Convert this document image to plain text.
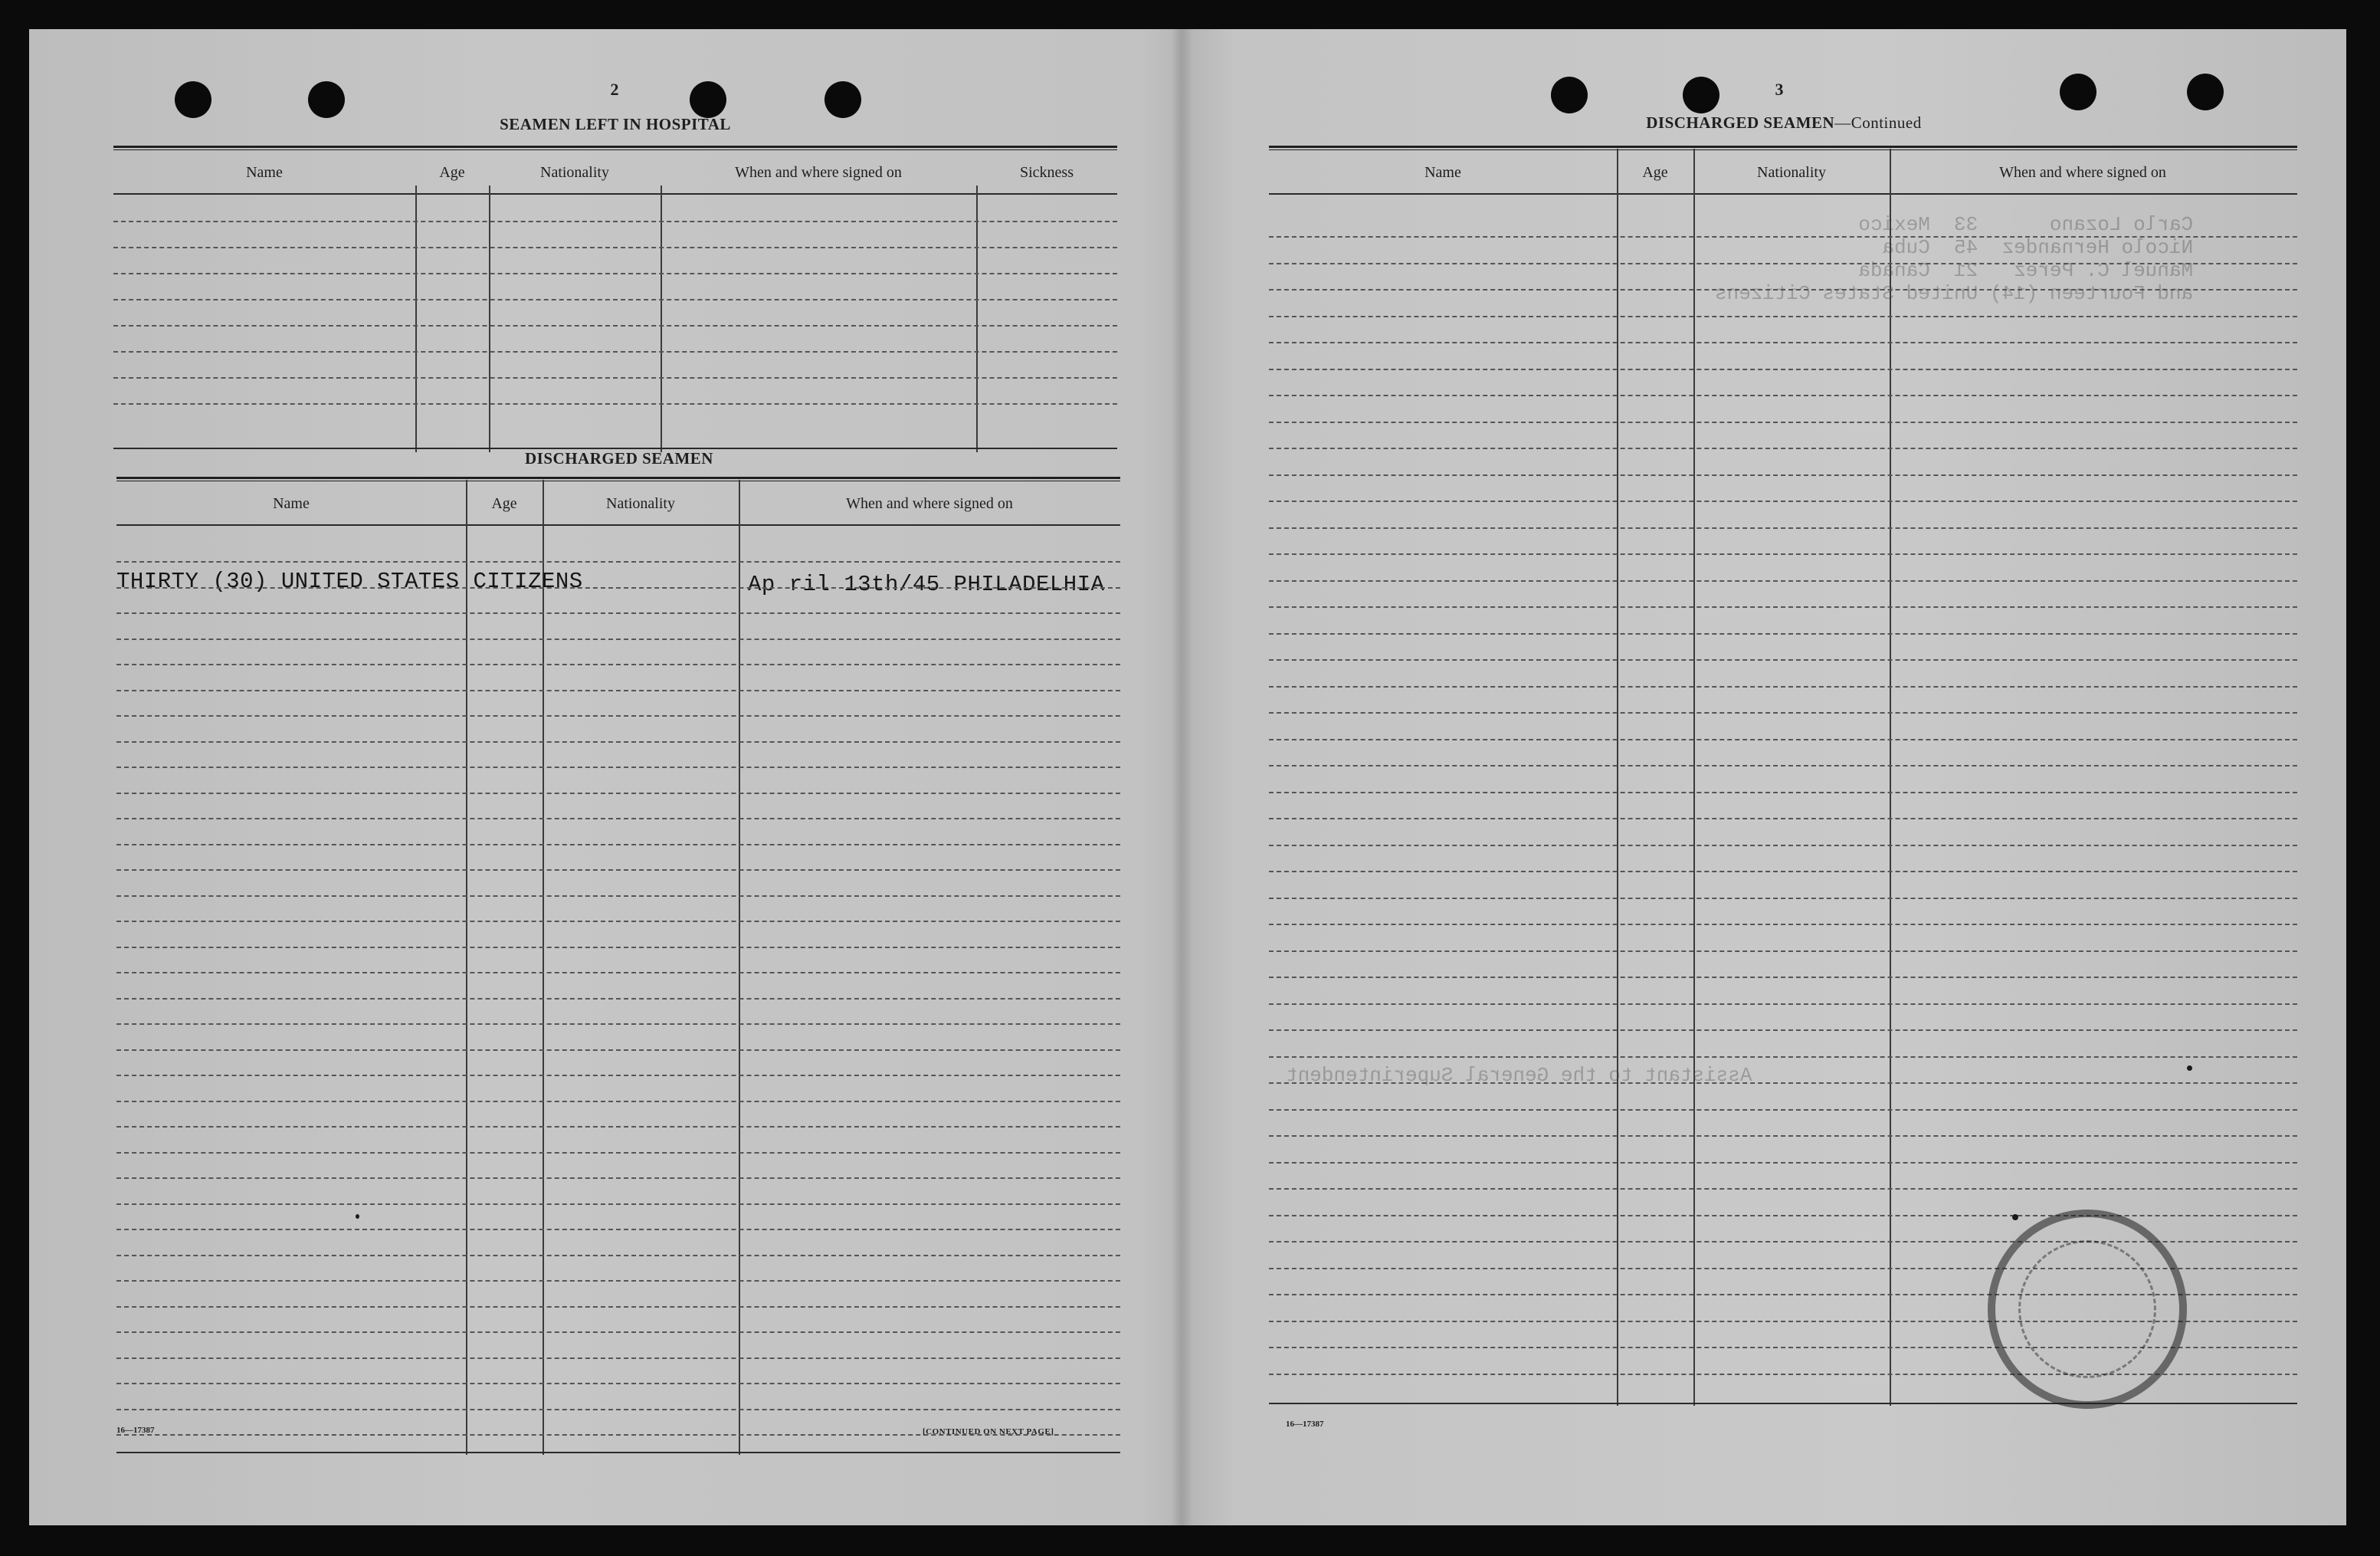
Carlo Lozano      33  Mexico
Nicolo Hernandez  45  Cuba
Manuel C. Perez   21  Canada
and Fourteen (14) United States Citizens
Assistant to the General Superintendent
2
SEAMEN LEFT IN HOSPITAL
Name	Age	Nationality	When and where signed on	Sickness
DISCHARGED SEAMEN
Name	Age	Nationality	When and where signed on
THIRTY (30) UNITED STATES CITIZENS	Ap ril 13th/45 PHILADELHIA
16—17387	[CONTINUED ON NEXT PAGE]
3
DISCHARGED SEAMEN—Continued
Name	Age	Nationality	When and where signed on
16—17387
